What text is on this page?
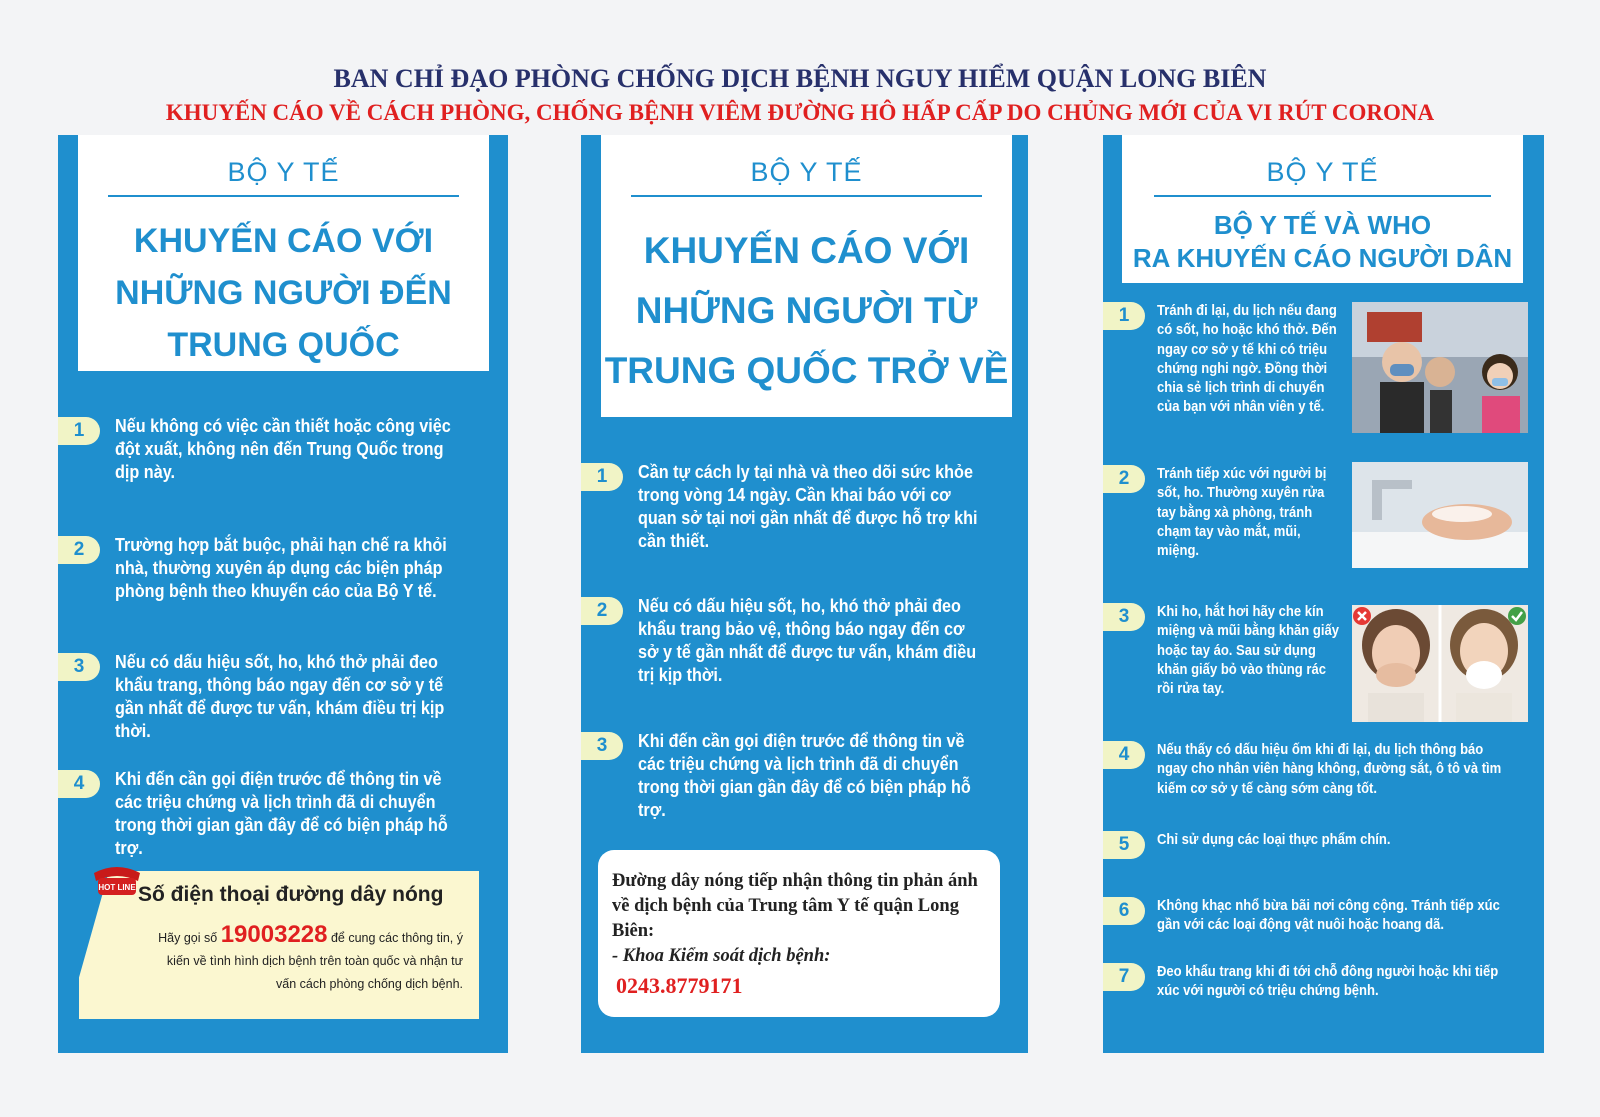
BAN CHỈ ĐẠO PHÒNG CHỐNG DỊCH BỆNH NGUY HIỂM QUẬN LONG BIÊN
KHUYẾN CÁO VỀ CÁCH PHÒNG, CHỐNG BỆNH VIÊM ĐƯỜNG HÔ HẤP CẤP DO CHỦNG MỚI CỦA VI RÚT CORONA
BỘ Y TẾ
KHUYẾN CÁO VỚI
NHỮNG NGƯỜI ĐẾN
TRUNG QUỐC
1	Nếu không có việc cần thiết hoặc công việc đột xuất, không nên đến Trung Quốc trong dịp này.
2	Trường hợp bắt buộc, phải hạn chế ra khỏi nhà, thường xuyên áp dụng các biện pháp phòng bệnh theo khuyến cáo của Bộ Y tế.
3	Nếu có dấu hiệu sốt, ho, khó thở phải đeo khẩu trang, thông báo ngay đến cơ sở y tế gần nhất để được tư vấn, khám điều trị kịp thời.
4	Khi đến cần gọi điện trước để thông tin về các triệu chứng và lịch trình đã di chuyển trong thời gian gần đây để có biện pháp hỗ trợ.
HOT LINE Số điện thoại đường dây nóng
Hãy gọi số 19003228 để cung các thông tin, ý kiến về tình hình dịch bệnh trên toàn quốc và nhận tư vấn cách phòng chống dịch bệnh.
BỘ Y TẾ
KHUYẾN CÁO VỚI
NHỮNG NGƯỜI TỪ
TRUNG QUỐC TRỞ VỀ
1	Cần tự cách ly tại nhà và theo dõi sức khỏe trong vòng 14 ngày. Cần khai báo với cơ quan sở tại nơi gần nhất để được hỗ trợ khi cần thiết.
2	Nếu có dấu hiệu sốt, ho, khó thở phải đeo khẩu trang bảo vệ, thông báo ngay đến cơ sở y tế gần nhất để được tư vấn, khám điều trị kịp thời.
3	Khi đến cần gọi điện trước để thông tin về các triệu chứng và lịch trình đã di chuyển trong thời gian gần đây để có biện pháp hỗ trợ.
Đường dây nóng tiếp nhận thông tin phản ánh về dịch bệnh của Trung tâm Y tế quận Long Biên:
- Khoa Kiểm soát dịch bệnh:
0243.8779171
BỘ Y TẾ
BỘ Y TẾ VÀ WHO
RA KHUYẾN CÁO NGƯỜI DÂN
1	Tránh đi lại, du lịch nếu đang có sốt, ho hoặc khó thở. Đến ngay cơ sở y tế khi có triệu chứng nghi ngờ. Đồng thời chia sẻ lịch trình di chuyển của bạn với nhân viên y tế.
2	Tránh tiếp xúc với người bị sốt, ho. Thường xuyên rửa tay bằng xà phòng, tránh chạm tay vào mắt, mũi, miệng.
3	Khi ho, hắt hơi hãy che kín miệng và mũi bằng khăn giấy hoặc tay áo. Sau sử dụng khăn giấy bỏ vào thùng rác rồi rửa tay.
4	Nếu thấy có dấu hiệu ốm khi đi lại, du lịch thông báo ngay cho nhân viên hàng không, đường sắt, ô tô và tìm kiếm cơ sở y tế càng sớm càng tốt.
5	Chỉ sử dụng các loại thực phẩm chín.
6	Không khạc nhổ bừa bãi nơi công cộng. Tránh tiếp xúc gần với các loại động vật nuôi hoặc hoang dã.
7	Đeo khẩu trang khi đi tới chỗ đông người hoặc khi tiếp xúc với người có triệu chứng bệnh.
